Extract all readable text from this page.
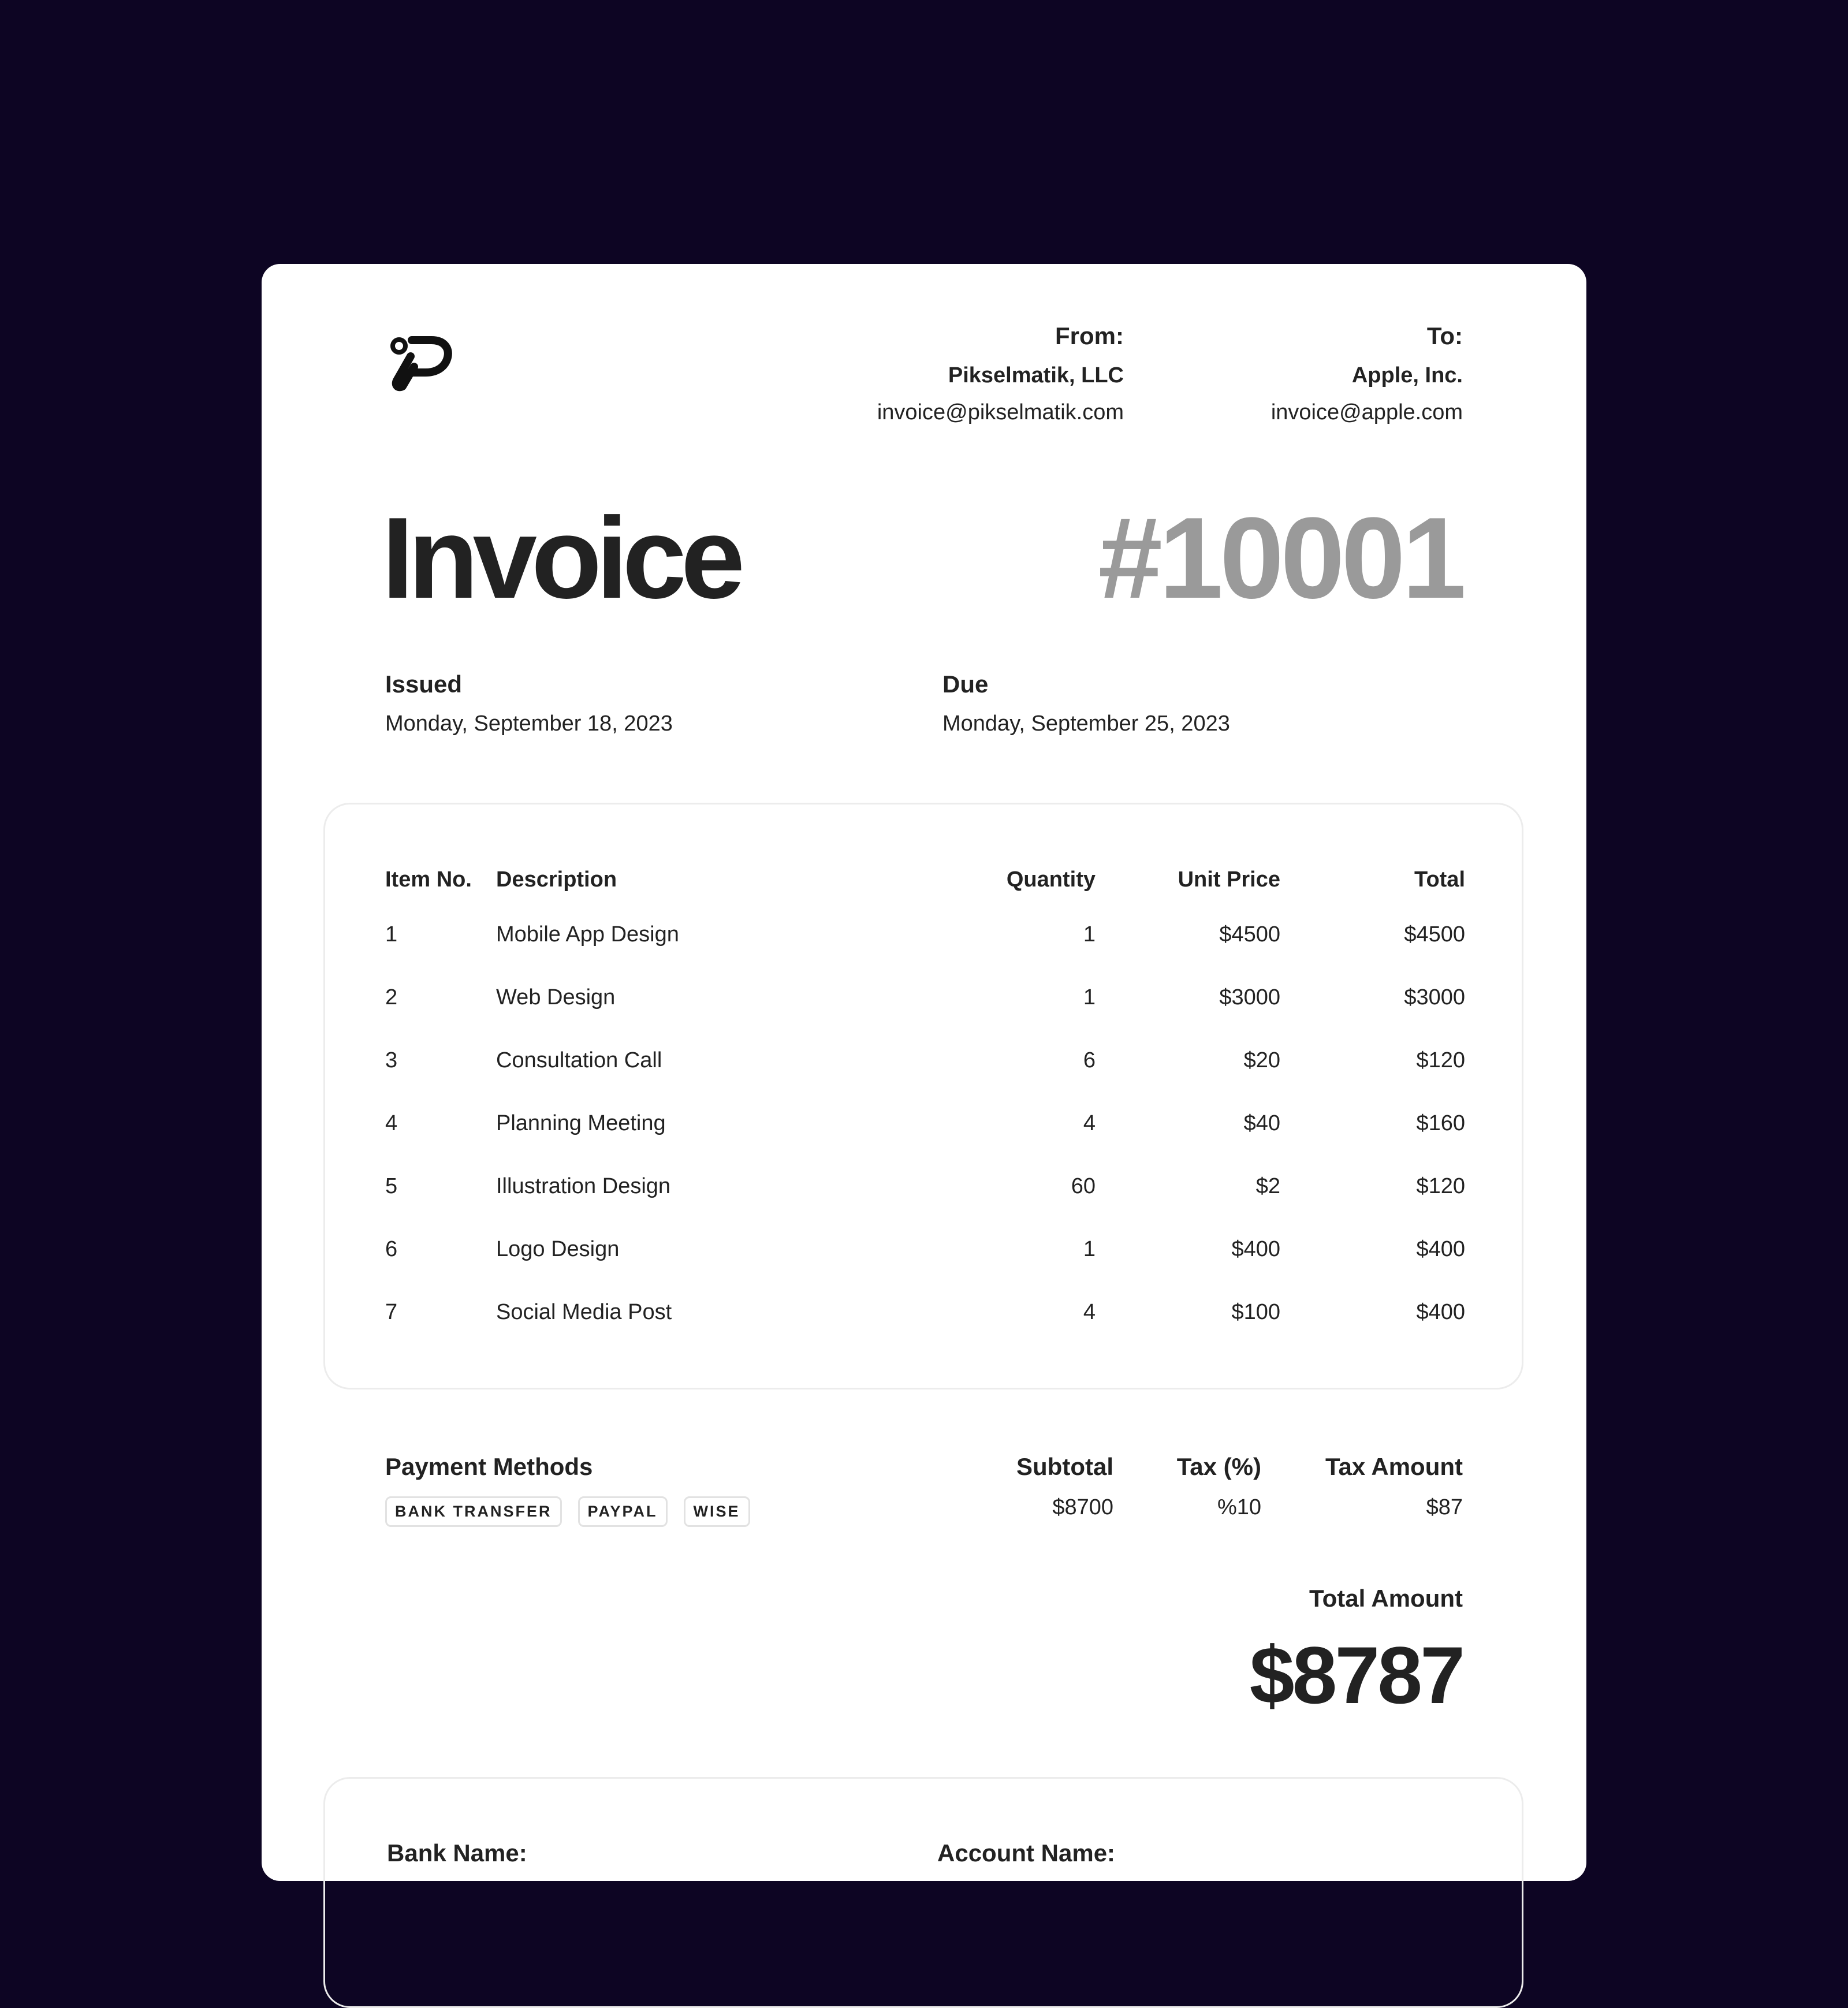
From:
Pikselmatik, LLC
invoice@pikselmatik.com
To:
Apple, Inc.
invoice@apple.com
Invoice	#10001
Issued
Monday, September 18, 2023
Due
Monday, September 25, 2023
Item No.	Description	Quantity	Unit Price	Total
1	Mobile App Design	1	$4500	$4500
2	Web Design	1	$3000	$3000
3	Consultation Call	6	$20	$120
4	Planning Meeting	4	$40	$160
5	Illustration Design	60	$2	$120
6	Logo Design	1	$400	$400
7	Social Media Post	4	$100	$400
Payment Methods
BANK TRANSFER	PAYPAL	WISE
Subtotal
$8700
Tax (%)
%10
Tax Amount
$87
Total Amount
$8787
Bank Name:	Account Name:
